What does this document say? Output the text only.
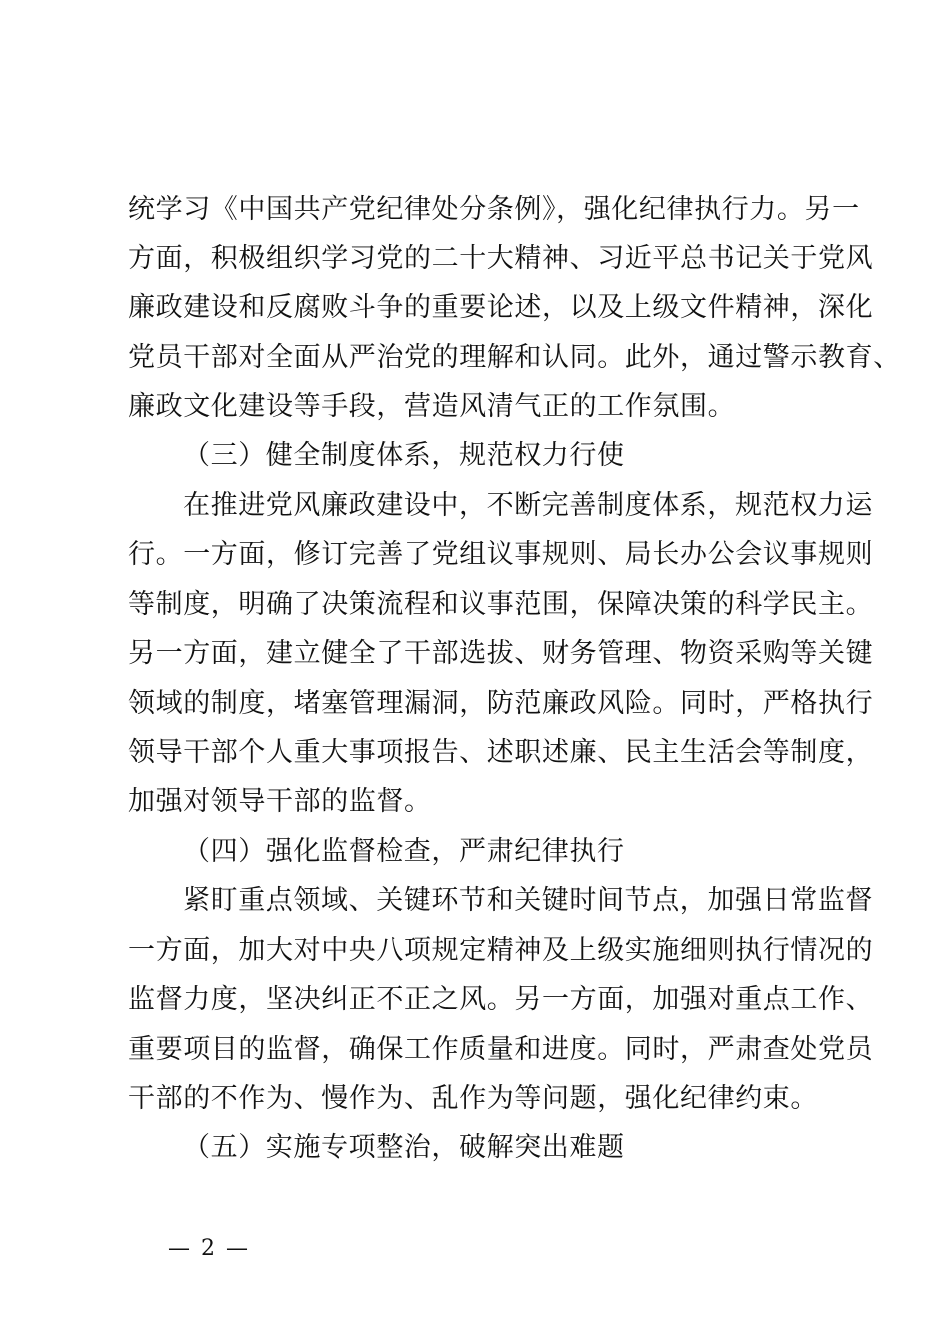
统学习《中国共产党纪律处分条例》，强化纪律执行力。另一
方面，积极组织学习党的二十大精神、习近平总书记关于党风
廉政建设和反腐败斗争的重要论述，以及上级文件精神，深化
党员干部对全面从严治党的理解和认同。此外，通过警示教育、
廉政文化建设等手段，营造风清气正的工作氛围。
（三）健全制度体系，规范权力行使
在推进党风廉政建设中，不断完善制度体系，规范权力运
行。一方面，修订完善了党组议事规则、局长办公会议事规则
等制度，明确了决策流程和议事范围，保障决策的科学民主。
另一方面，建立健全了干部选拔、财务管理、物资采购等关键
领域的制度，堵塞管理漏洞，防范廉政风险。同时，严格执行
领导干部个人重大事项报告、述职述廉、民主生活会等制度，
加强对领导干部的监督。
（四）强化监督检查，严肃纪律执行
紧盯重点领域、关键环节和关键时间节点，加强日常监督
一方面，加大对中央八项规定精神及上级实施细则执行情况的
监督力度，坚决纠正不正之风。另一方面，加强对重点工作、
重要项目的监督，确保工作质量和进度。同时，严肃查处党员
干部的不作为、慢作为、乱作为等问题，强化纪律约束。
（五）实施专项整治，破解突出难题
— 2 —
